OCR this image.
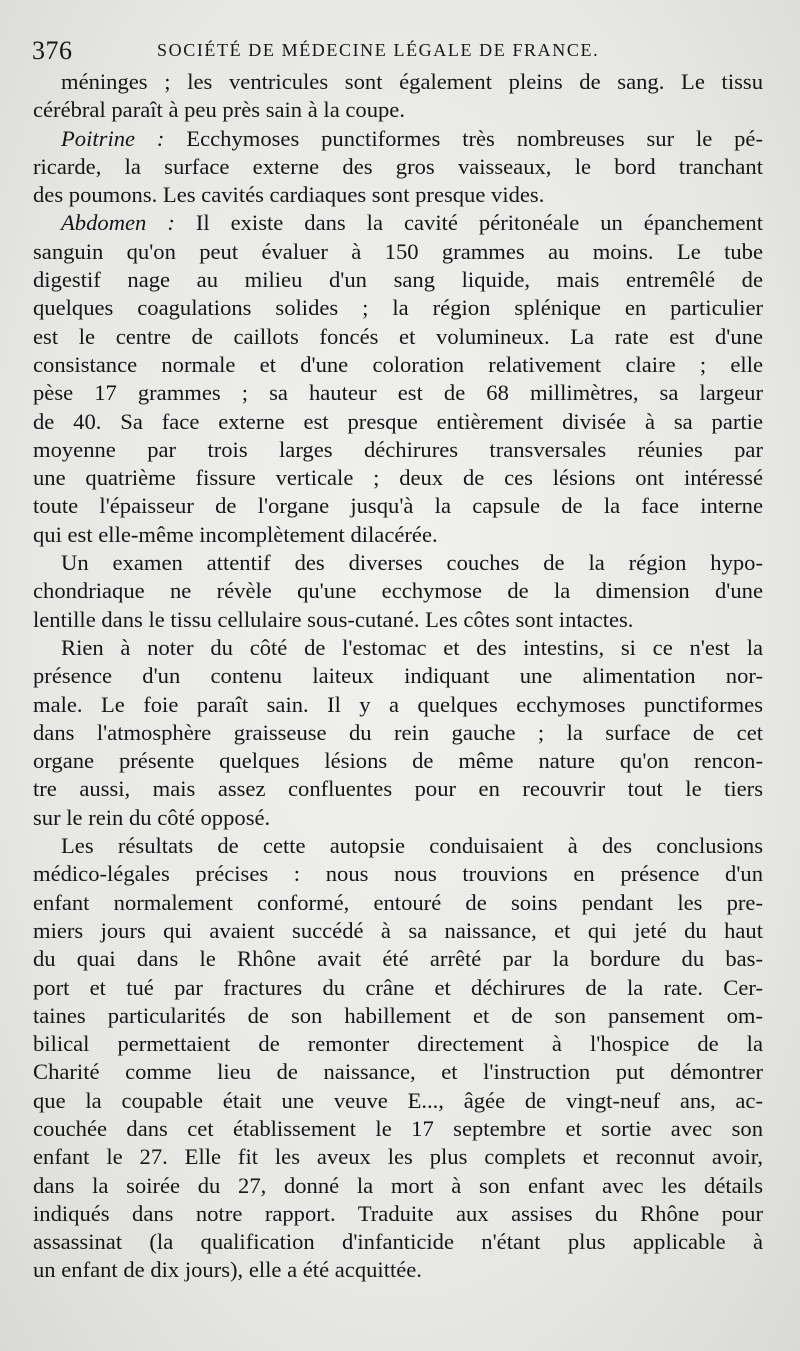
376	SOCIÉTÉ DE MÉDECINE LÉGALE DE FRANCE.
méninges ; les ventricules sont également pleins de sang. Le tissu
cérébral paraît à peu près sain à la coupe.
Poitrine : Ecchymoses punctiformes très nombreuses sur le pé-
ricarde, la surface externe des gros vaisseaux, le bord tranchant
des poumons. Les cavités cardiaques sont presque vides.
Abdomen : Il existe dans la cavité péritonéale un épanchement
sanguin qu'on peut évaluer à 150 grammes au moins. Le tube
digestif nage au milieu d'un sang liquide, mais entremêlé de
quelques coagulations solides ; la région splénique en particulier
est le centre de caillots foncés et volumineux. La rate est d'une
consistance normale et d'une coloration relativement claire ; elle
pèse 17 grammes ; sa hauteur est de 68 millimètres, sa largeur
de 40. Sa face externe est presque entièrement divisée à sa partie
moyenne par trois larges déchirures transversales réunies par
une quatrième fissure verticale ; deux de ces lésions ont intéressé
toute l'épaisseur de l'organe jusqu'à la capsule de la face interne
qui est elle-même incomplètement dilacérée.
Un examen attentif des diverses couches de la région hypo-
chondriaque ne révèle qu'une ecchymose de la dimension d'une
lentille dans le tissu cellulaire sous-cutané. Les côtes sont intactes.
Rien à noter du côté de l'estomac et des intestins, si ce n'est la
présence d'un contenu laiteux indiquant une alimentation nor-
male. Le foie paraît sain. Il y a quelques ecchymoses punctiformes
dans l'atmosphère graisseuse du rein gauche ; la surface de cet
organe présente quelques lésions de même nature qu'on rencon-
tre aussi, mais assez confluentes pour en recouvrir tout le tiers
sur le rein du côté opposé.
Les résultats de cette autopsie conduisaient à des conclusions
médico-légales précises : nous nous trouvions en présence d'un
enfant normalement conformé, entouré de soins pendant les pre-
miers jours qui avaient succédé à sa naissance, et qui jeté du haut
du quai dans le Rhône avait été arrêté par la bordure du bas-
port et tué par fractures du crâne et déchirures de la rate. Cer-
taines particularités de son habillement et de son pansement om-
bilical permettaient de remonter directement à l'hospice de la
Charité comme lieu de naissance, et l'instruction put démontrer
que la coupable était une veuve E..., âgée de vingt-neuf ans, ac-
couchée dans cet établissement le 17 septembre et sortie avec son
enfant le 27. Elle fit les aveux les plus complets et reconnut avoir,
dans la soirée du 27, donné la mort à son enfant avec les détails
indiqués dans notre rapport. Traduite aux assises du Rhône pour
assassinat (la qualification d'infanticide n'étant plus applicable à
un enfant de dix jours), elle a été acquittée.
